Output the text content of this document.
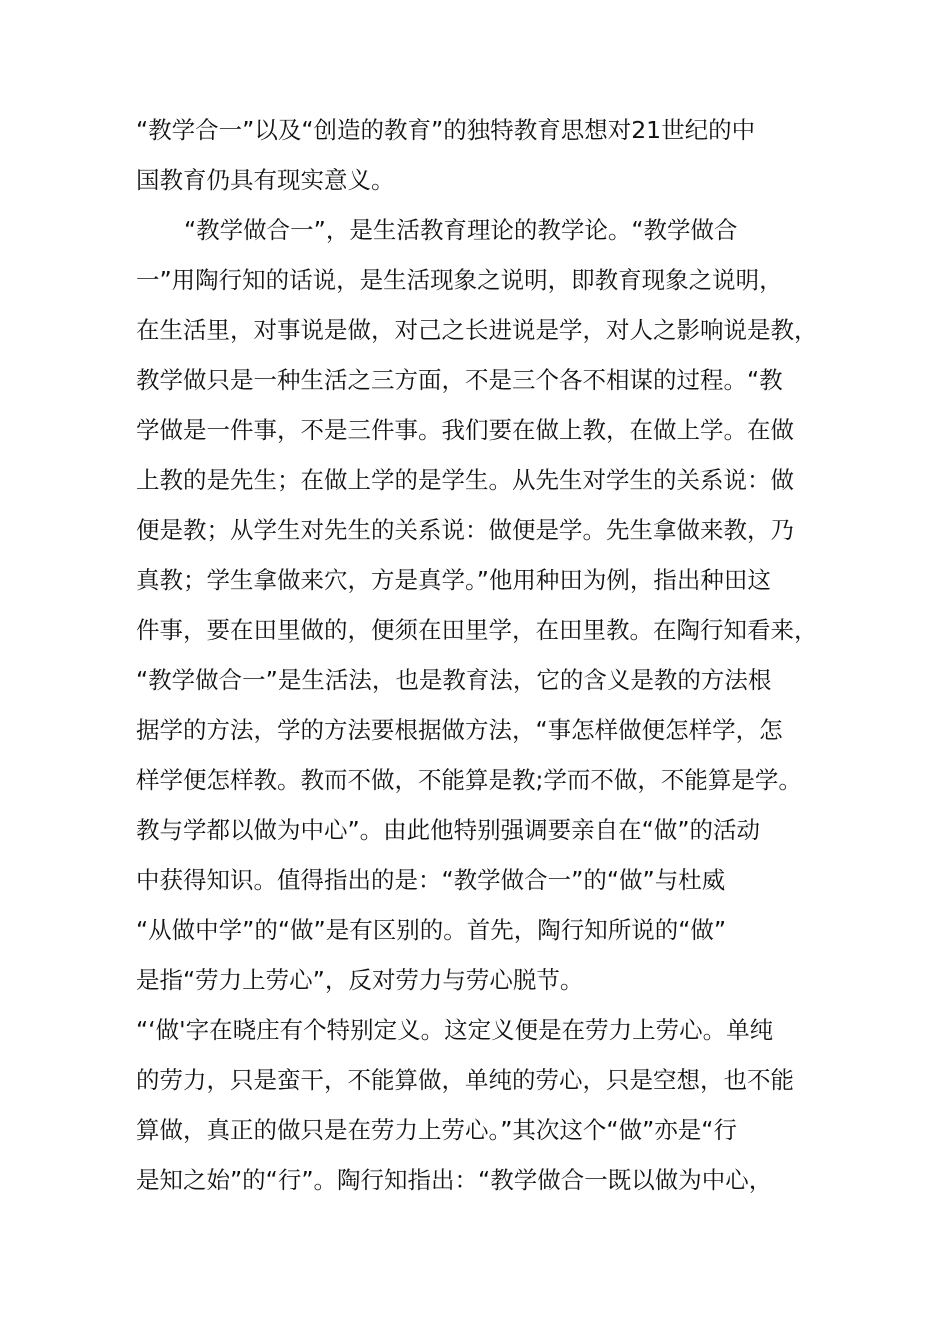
“教学合一”以及“创造的教育”的独特教育思想对21世纪的中
国教育仍具有现实意义。
“教学做合一”，是生活教育理论的教学论。“教学做合
一”用陶行知的话说，是生活现象之说明，即教育现象之说明，
在生活里，对事说是做，对己之长进说是学，对人之影响说是教，
教学做只是一种生活之三方面，不是三个各不相谋的过程。“教
学做是一件事，不是三件事。我们要在做上教，在做上学。在做
上教的是先生；在做上学的是学生。从先生对学生的关系说：做
便是教；从学生对先生的关系说：做便是学。先生拿做来教，乃
真教；学生拿做来穴，方是真学。”他用种田为例，指出种田这
件事，要在田里做的，便须在田里学，在田里教。在陶行知看来，
“教学做合一”是生活法，也是教育法，它的含义是教的方法根
据学的方法，学的方法要根据做方法，“事怎样做便怎样学，怎
样学便怎样教。教而不做，不能算是教;学而不做，不能算是学。
教与学都以做为中心”。由此他特别强调要亲自在“做”的活动
中获得知识。值得指出的是：“教学做合一”的“做”与杜威
“从做中学”的“做”是有区别的。首先，陶行知所说的“做”
是指“劳力上劳心”，反对劳力与劳心脱节。
“‘做'字在晓庄有个特别定义。这定义便是在劳力上劳心。单纯
的劳力，只是蛮干，不能算做，单纯的劳心，只是空想，也不能
算做，真正的做只是在劳力上劳心。”其次这个“做”亦是“行
是知之始”的“行”。陶行知指出：“教学做合一既以做为中心，
